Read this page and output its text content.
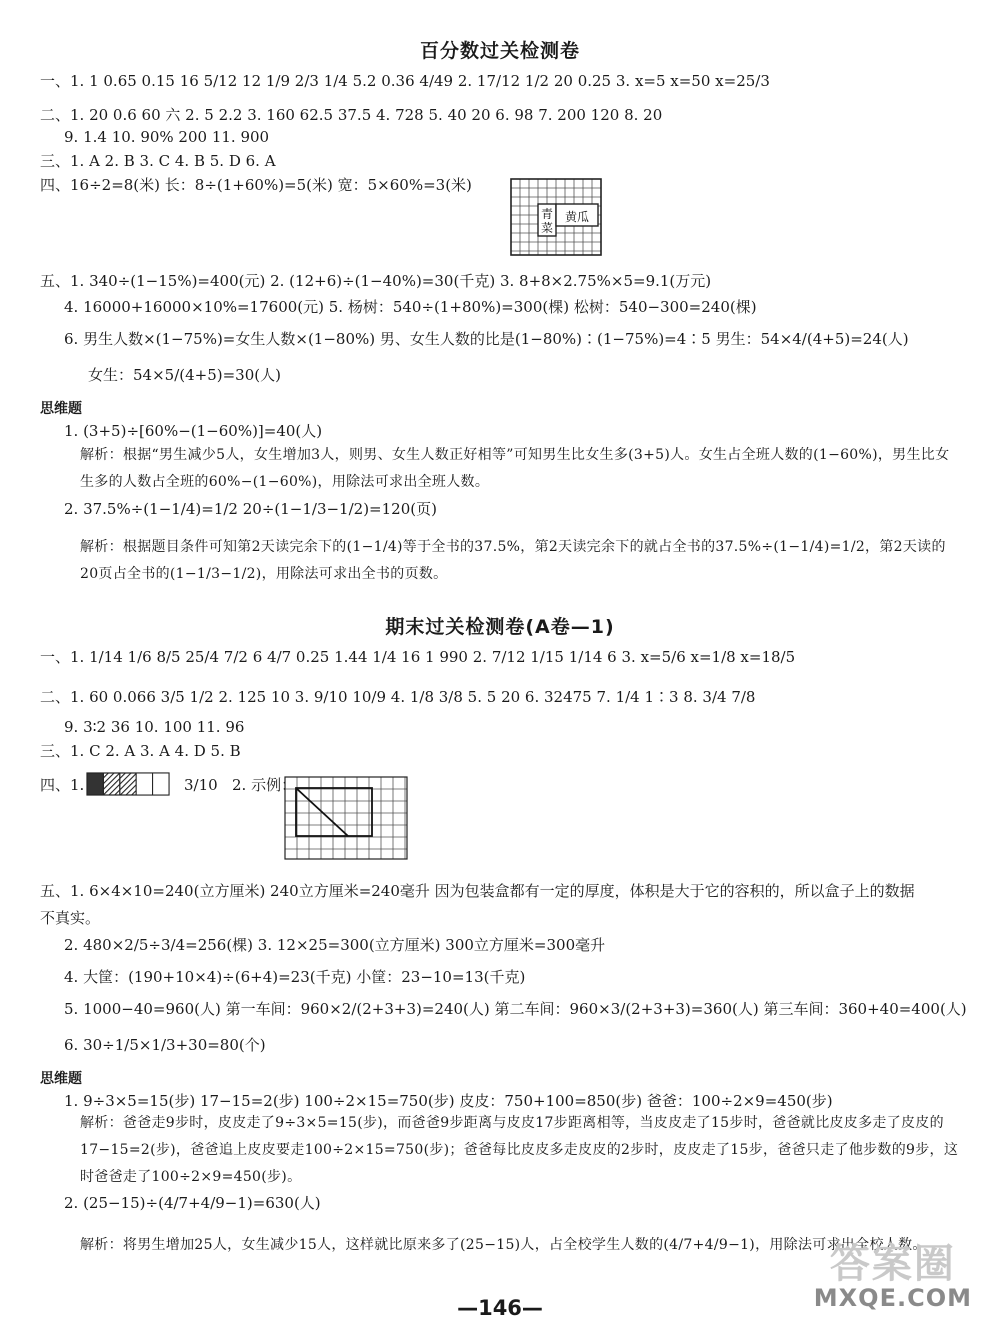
百分数过关检测卷
一、1. 1 0.65 0.15 16 5/12 12 1/9 2/3 1/4 5.2 0.36 4/49 2. 17/12 1/2 20 0.25 3. x=5 x=50 x=25/3
二、1. 20 0.6 60 六 2. 5 2.2 3. 160 62.5 37.5 4. 728 5. 40 20 6. 98 7. 200 120 8. 20
9. 1.4 10. 90% 200 11. 900
三、1. A 2. B 3. C 4. B 5. D 6. A
四、16÷2=8(米) 长：8÷(1+60%)=5(米) 宽：5×60%=3(米)
青菜
黄瓜
五、1. 340÷(1−15%)=400(元) 2. (12+6)÷(1−40%)=30(千克) 3. 8+8×2.75%×5=9.1(万元)
4. 16000+16000×10%=17600(元) 5. 杨树：540÷(1+80%)=300(棵) 松树：540−300=240(棵)
6. 男生人数×(1−75%)=女生人数×(1−80%) 男、女生人数的比是(1−80%)∶(1−75%)=4∶5 男生：54×4/(4+5)=24(人)
女生：54×5/(4+5)=30(人)
思维题
1. (3+5)÷[60%−(1−60%)]=40(人)
解析：根据“男生减少5人，女生增加3人，则男、女生人数正好相等”可知男生比女生多(3+5)人。女生占全班人数的(1−60%)，男生比女生多的人数占全班的60%−(1−60%)，用除法可求出全班人数。
2. 37.5%÷(1−1/4)=1/2 20÷(1−1/3−1/2)=120(页)
解析：根据题目条件可知第2天读完余下的(1−1/4)等于全书的37.5%，第2天读完余下的就占全书的37.5%÷(1−1/4)=1/2，第2天读的20页占全书的(1−1/3−1/2)，用除法可求出全书的页数。
期末过关检测卷(A卷—1)
一、1. 1/14 1/6 8/5 25/4 7/2 6 4/7 0.25 1.44 1/4 16 1 990 2. 7/12 1/15 1/14 6 3. x=5/6 x=1/8 x=18/5
二、1. 60 0.066 3/5 1/2 2. 125 10 3. 9/10 10/9 4. 1/8 3/8 5. 5 20 6. 32475 7. 1/4 1∶3 8. 3/4 7/8
9. 3∶2 36 10. 100 11. 96
三、1. C 2. A 3. A 4. D 5. B
四、1.	3/10 2. 示例：
五、1. 6×4×10=240(立方厘米) 240立方厘米=240毫升 因为包装盒都有一定的厚度，体积是大于它的容积的，所以盒子上的数据不真实。
2. 480×2/5÷3/4=256(棵) 3. 12×25=300(立方厘米) 300立方厘米=300毫升
4. 大筐：(190+10×4)÷(6+4)=23(千克) 小筐：23−10=13(千克)
5. 1000−40=960(人) 第一车间：960×2/(2+3+3)=240(人) 第二车间：960×3/(2+3+3)=360(人) 第三车间：360+40=400(人)
6. 30÷1/5×1/3+30=80(个)
思维题
1. 9÷3×5=15(步) 17−15=2(步) 100÷2×15=750(步) 皮皮：750+100=850(步) 爸爸：100÷2×9=450(步)
解析：爸爸走9步时，皮皮走了9÷3×5=15(步)，而爸爸9步距离与皮皮17步距离相等，当皮皮走了15步时，爸爸就比皮皮多走了皮皮的17−15=2(步)，爸爸追上皮皮要走100÷2×15=750(步)；爸爸每比皮皮多走皮皮的2步时，皮皮走了15步，爸爸只走了他步数的9步，这时爸爸走了100÷2×9=450(步)。
2. (25−15)÷(4/7+4/9−1)=630(人)
解析：将男生增加25人，女生减少15人，这样就比原来多了(25−15)人，占全校学生人数的(4/7+4/9−1)，用除法可求出全校人数。
—146—
答案圈
MXQE.COM
